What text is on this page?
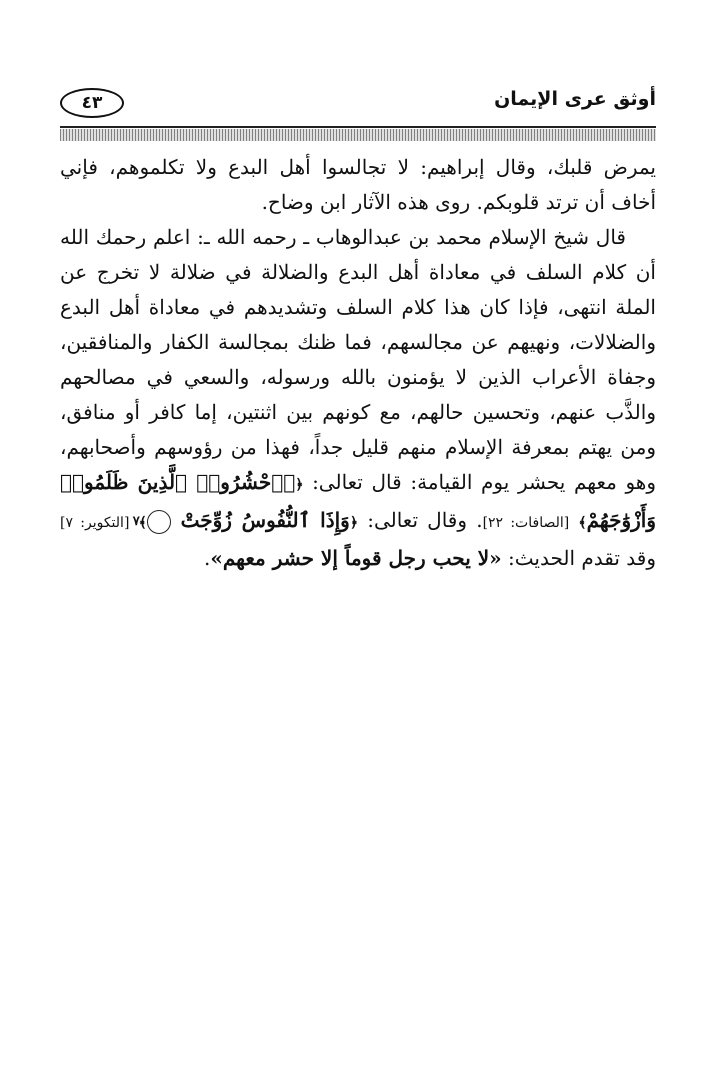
أوثق عرى الإيمان
٤٣

يمرض قلبك، وقال إبراهيم: لا تجالسوا أهل البدع ولا تكلموهم، فإني أخاف أن ترتد قلوبكم. روى هذه الآثار ابن وضاح.

قال شيخ الإسلام محمد بن عبدالوهاب ـ رحمه الله ـ: اعلم رحمك الله أن كلام السلف في معاداة أهل البدع والضلالة في ضلالة لا تخرج عن الملة انتهى، فإذا كان هذا كلام السلف وتشديدهم في معاداة أهل البدع والضلالات، ونهيهم عن مجالسهم، فما ظنك بمجالسة الكفار والمنافقين، وجفاة الأعراب الذين لا يؤمنون بالله ورسوله، والسعي في مصالحهم والذَّب عنهم، وتحسين حالهم، مع كونهم بين اثنتين، إما كافر أو منافق، ومن يهتم بمعرفة الإسلام منهم قليل جداً، فهذا من رؤوسهم وأصحابهم، وهو معهم يحشر يوم القيامة: قال تعالى: ﴿۞ٱحْشُرُوا۟ ٱلَّذِينَ ظَلَمُوا۟ وَأَزْوَٰجَهُمْ﴾ [الصافات: ٢٢]. وقال تعالى: ﴿وَإِذَا ٱلنُّفُوسُ زُوِّجَتْ ٧﴾ [التكوير: ٧] وقد تقدم الحديث: «لا يحب رجل قوماً إلا حشر معهم».
